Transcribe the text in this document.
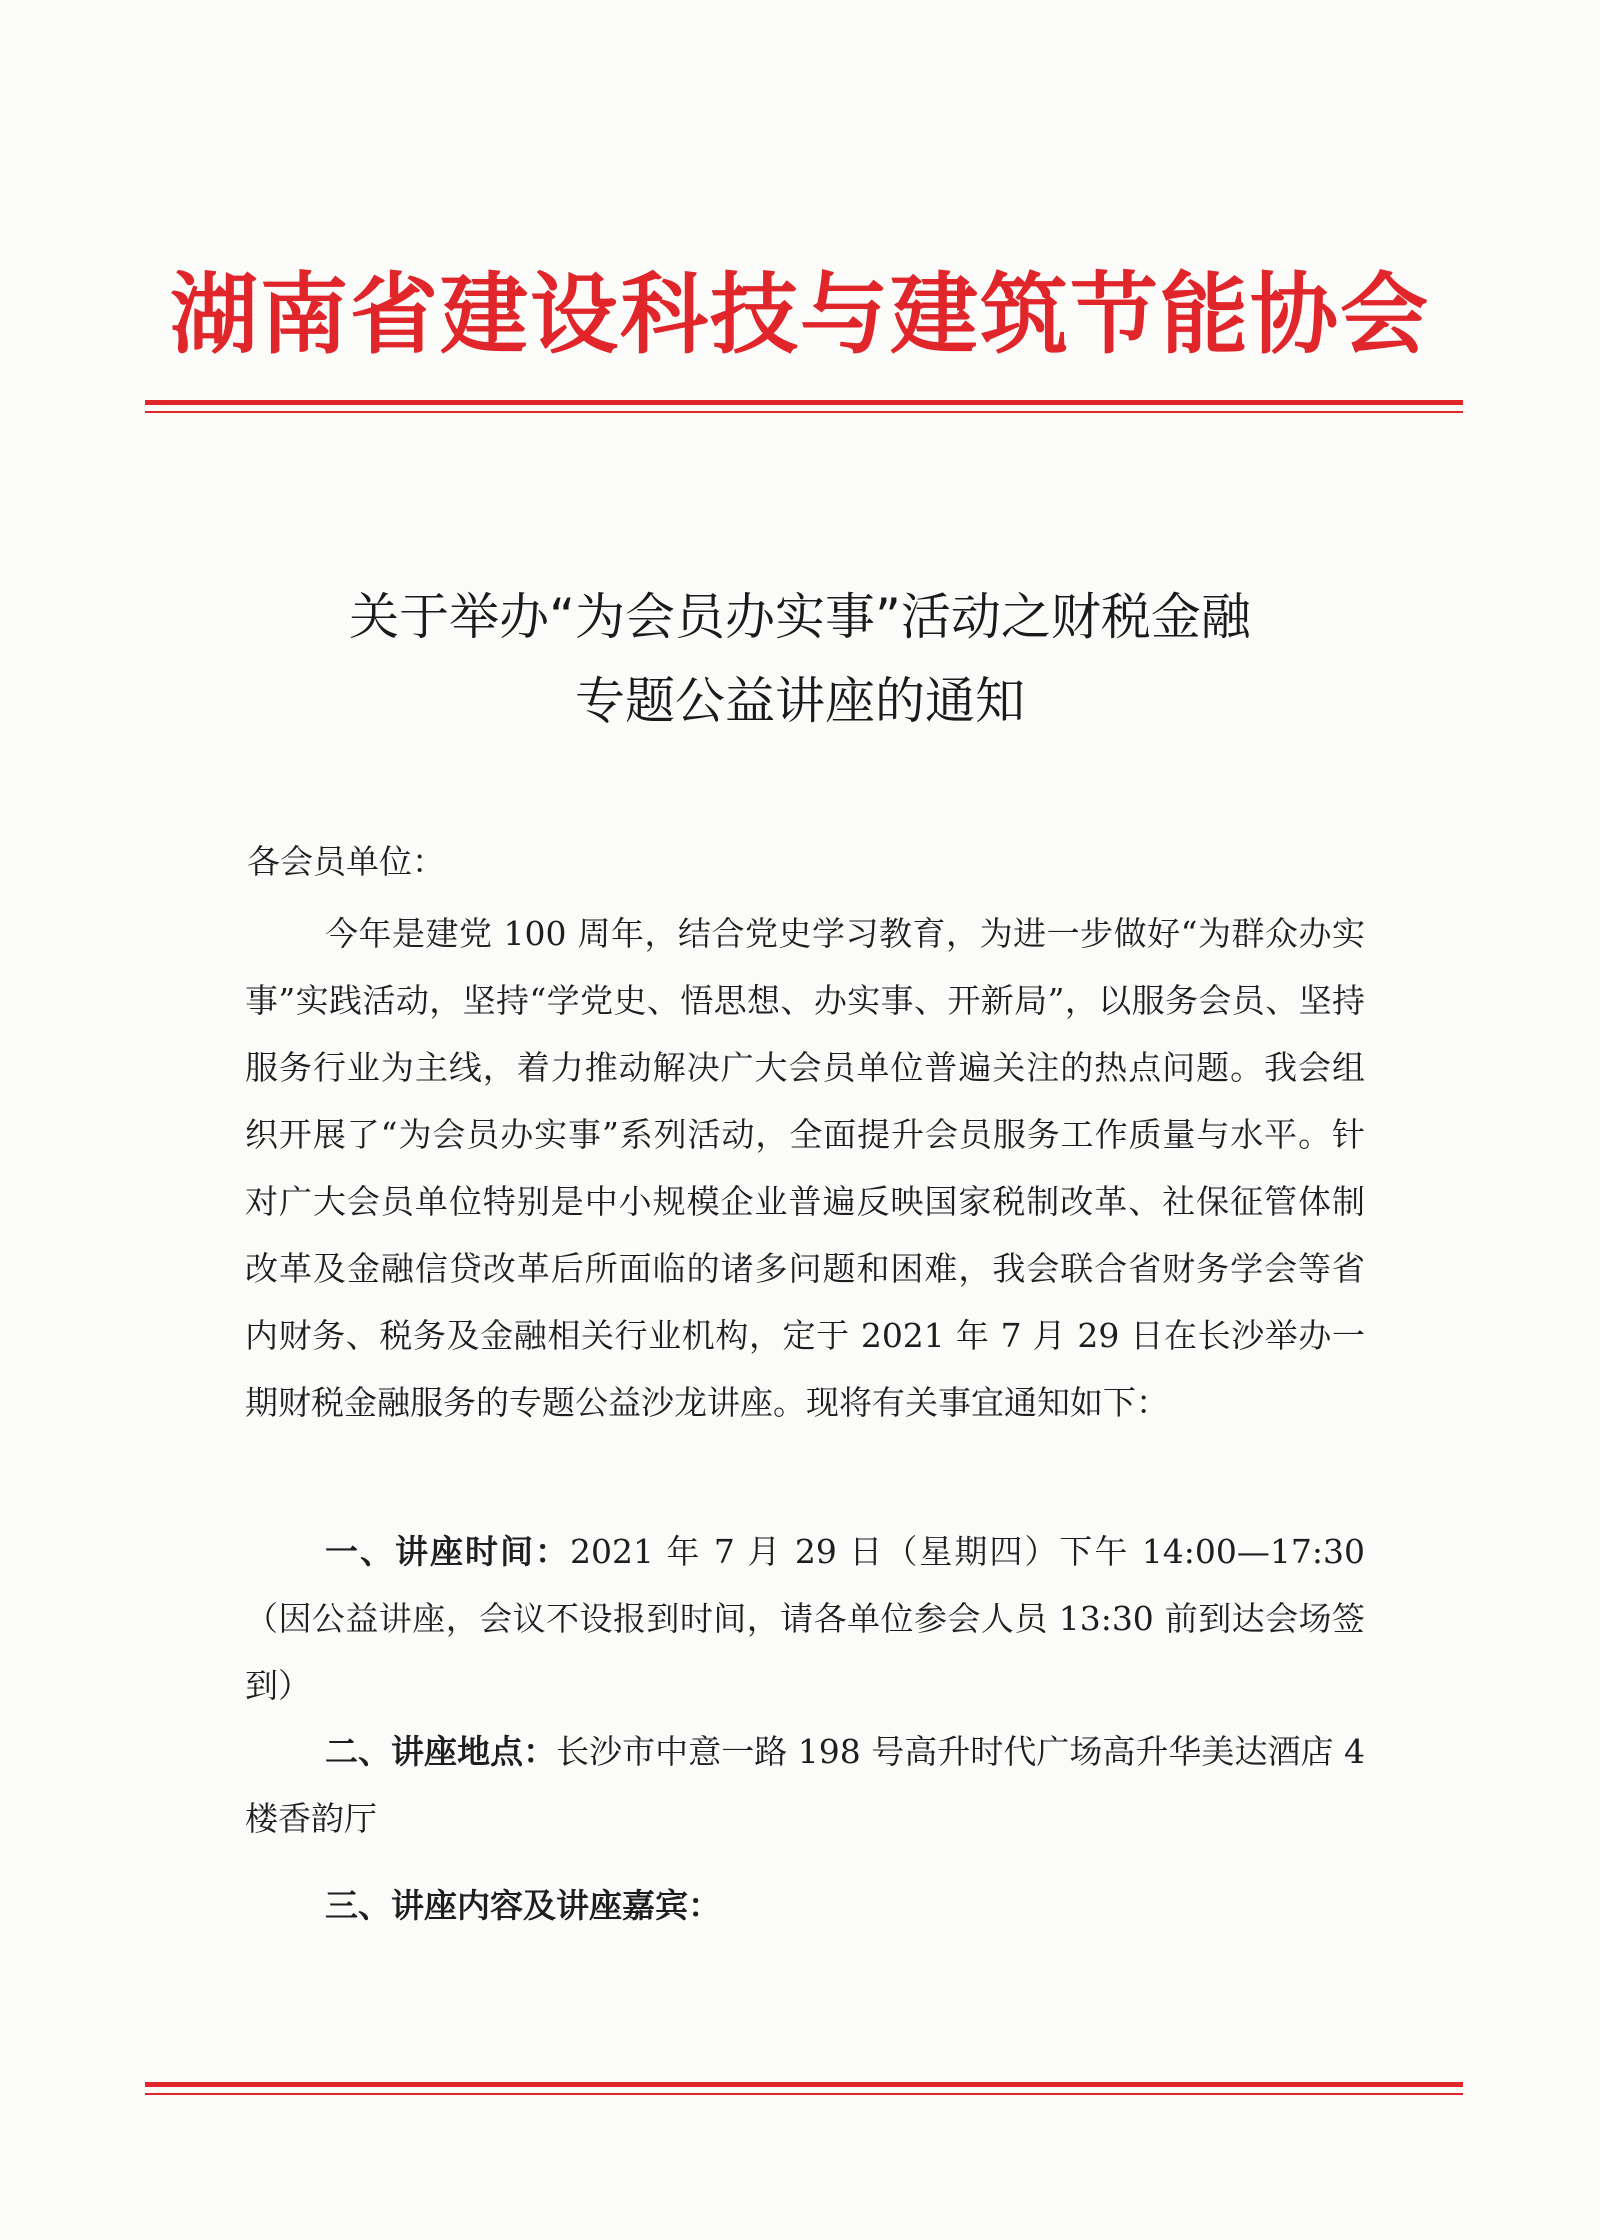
湖南省建设科技与建筑节能协会
关于举办“为会员办实事”活动之财税金融
专题公益讲座的通知
各会员单位：
今年是建党 100 周年，结合党史学习教育，为进一步做好“为群众办实事”实践活动，坚持“学党史、悟思想、办实事、开新局”，以服务会员、坚持服务行业为主线，着力推动解决广大会员单位普遍关注的热点问题。我会组织开展了“为会员办实事”系列活动，全面提升会员服务工作质量与水平。针对广大会员单位特别是中小规模企业普遍反映国家税制改革、社保征管体制改革及金融信贷改革后所面临的诸多问题和困难，我会联合省财务学会等省内财务、税务及金融相关行业机构，定于 2021 年 7 月 29 日在长沙举办一期财税金融服务的专题公益沙龙讲座。现将有关事宜通知如下：
一、讲座时间：2021 年 7 月 29 日（星期四）下午 14:00—17:30（因公益讲座，会议不设报到时间，请各单位参会人员 13:30 前到达会场签到）
二、讲座地点：长沙市中意一路 198 号高升时代广场高升华美达酒店 4 楼香韵厅
三、讲座内容及讲座嘉宾：
